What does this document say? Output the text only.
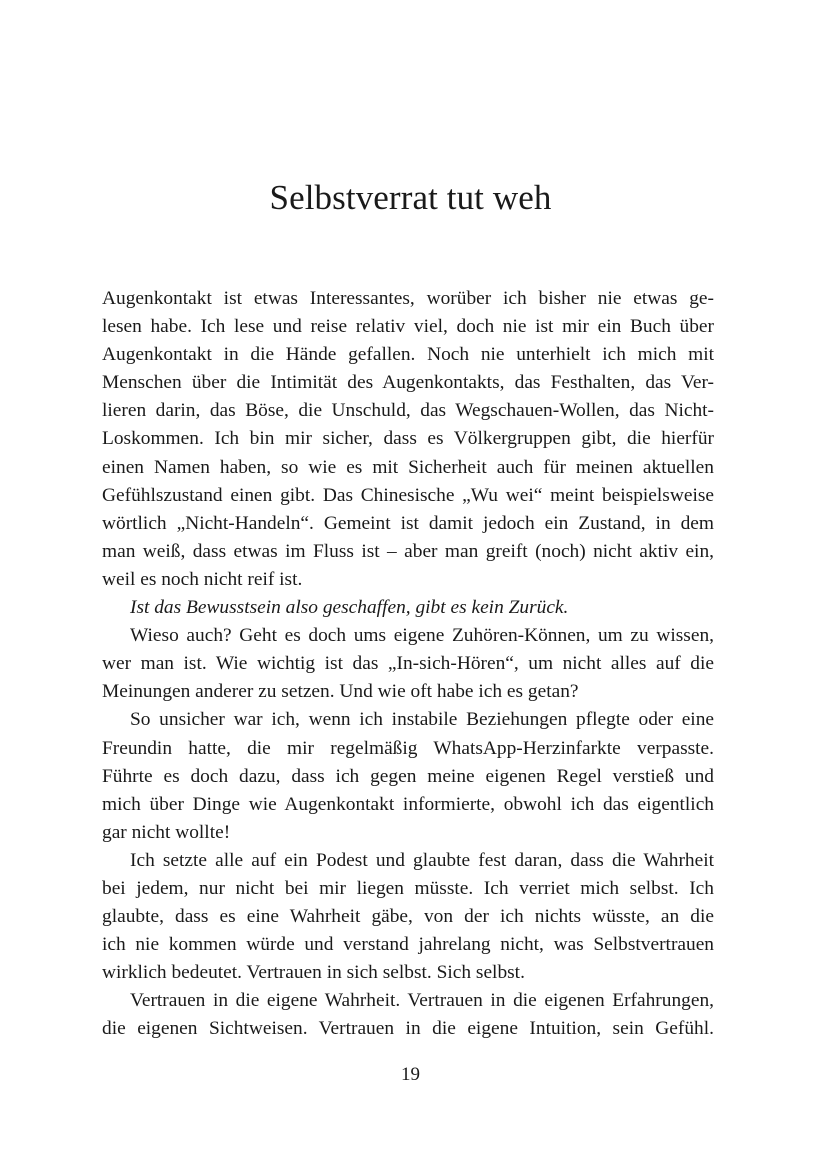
Selbstverrat tut weh
Augenkontakt ist etwas Interessantes, worüber ich bisher nie etwas ge-
lesen habe. Ich lese und reise relativ viel, doch nie ist mir ein Buch über
Augenkontakt in die Hände gefallen. Noch nie unterhielt ich mich mit
Menschen über die Intimität des Augenkontakts, das Festhalten, das Ver-
lieren darin, das Böse, die Unschuld, das Wegschauen-Wollen, das Nicht-
Loskommen. Ich bin mir sicher, dass es Völkergruppen gibt, die hierfür
einen Namen haben, so wie es mit Sicherheit auch für meinen aktuellen
Gefühlszustand einen gibt. Das Chinesische „Wu wei“ meint beispielsweise
wörtlich „Nicht-Handeln“. Gemeint ist damit jedoch ein Zustand, in dem
man weiß, dass etwas im Fluss ist – aber man greift (noch) nicht aktiv ein,
weil es noch nicht reif ist.
Ist das Bewusstsein also geschaffen, gibt es kein Zurück.
Wieso auch? Geht es doch ums eigene Zuhören-Können, um zu wissen,
wer man ist. Wie wichtig ist das „In-sich-Hören“, um nicht alles auf die
Meinungen anderer zu setzen. Und wie oft habe ich es getan?
So unsicher war ich, wenn ich instabile Beziehungen pflegte oder eine
Freundin hatte, die mir regelmäßig WhatsApp-Herzinfarkte verpasste.
Führte es doch dazu, dass ich gegen meine eigenen Regel verstieß und
mich über Dinge wie Augenkontakt informierte, obwohl ich das eigentlich
gar nicht wollte!
Ich setzte alle auf ein Podest und glaubte fest daran, dass die Wahrheit
bei jedem, nur nicht bei mir liegen müsste. Ich verriet mich selbst. Ich
glaubte, dass es eine Wahrheit gäbe, von der ich nichts wüsste, an die
ich nie kommen würde und verstand jahrelang nicht, was Selbstvertrauen
wirklich bedeutet. Vertrauen in sich selbst. Sich selbst.
Vertrauen in die eigene Wahrheit. Vertrauen in die eigenen Erfahrungen,
die eigenen Sichtweisen. Vertrauen in die eigene Intuition, sein Gefühl.
19
